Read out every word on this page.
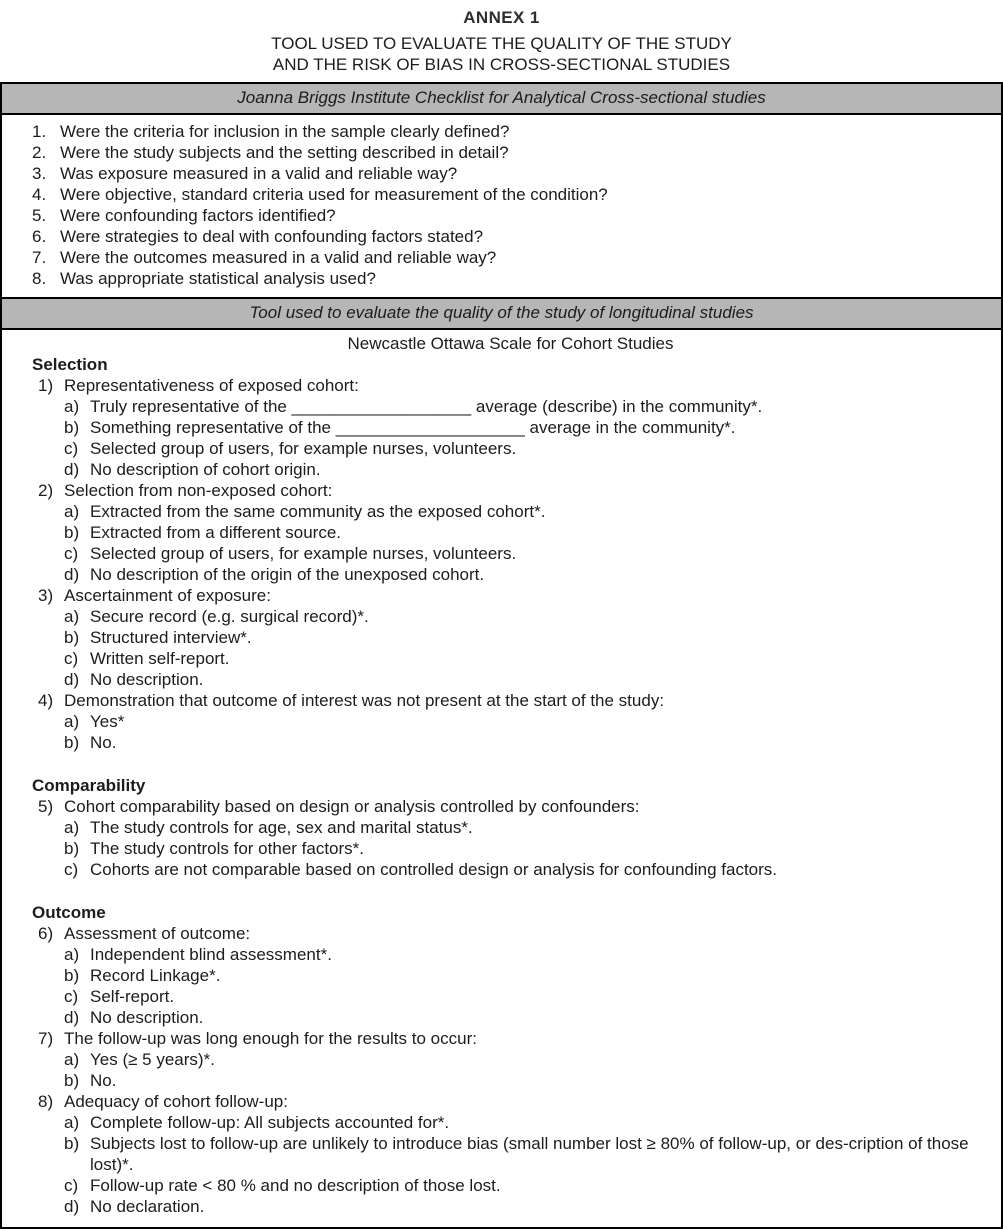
ANNEX 1
TOOL USED TO EVALUATE THE QUALITY OF THE STUDY
AND THE RISK OF BIAS IN CROSS-SECTIONAL STUDIES
Joanna Briggs Institute Checklist for Analytical Cross-sectional studies
1. Were the criteria for inclusion in the sample clearly defined?
2. Were the study subjects and the setting described in detail?
3. Was exposure measured in a valid and reliable way?
4. Were objective, standard criteria used for measurement of the condition?
5. Were confounding factors identified?
6. Were strategies to deal with confounding factors stated?
7. Were the outcomes measured in a valid and reliable way?
8. Was appropriate statistical analysis used?
Tool used to evaluate the quality of the study of longitudinal studies
Newcastle Ottawa Scale for Cohort Studies
Selection
1) Representativeness of exposed cohort:
a) Truly representative of the ___________________ average (describe) in the community*.
b) Something representative of the ____________________ average in the community*.
c) Selected group of users, for example nurses, volunteers.
d) No description of cohort origin.
2) Selection from non-exposed cohort:
a) Extracted from the same community as the exposed cohort*.
b) Extracted from a different source.
c) Selected group of users, for example nurses, volunteers.
d) No description of the origin of the unexposed cohort.
3) Ascertainment of exposure:
a) Secure record (e.g. surgical record)*.
b) Structured interview*.
c) Written self-report.
d) No description.
4) Demonstration that outcome of interest was not present at the start of the study:
a) Yes*
b) No.
Comparability
5) Cohort comparability based on design or analysis controlled by confounders:
a) The study controls for age, sex and marital status*.
b) The study controls for other factors*.
c) Cohorts are not comparable based on controlled design or analysis for confounding factors.
Outcome
6) Assessment of outcome:
a) Independent blind assessment*.
b) Record Linkage*.
c) Self-report.
d) No description.
7) The follow-up was long enough for the results to occur:
a) Yes (≥ 5 years)*.
b) No.
8) Adequacy of cohort follow-up:
a) Complete follow-up: All subjects accounted for*.
b) Subjects lost to follow-up are unlikely to introduce bias (small number lost ≥ 80% of follow-up, or des-cription of those lost)*.
c) Follow-up rate < 80 % and no description of those lost.
d) No declaration.
